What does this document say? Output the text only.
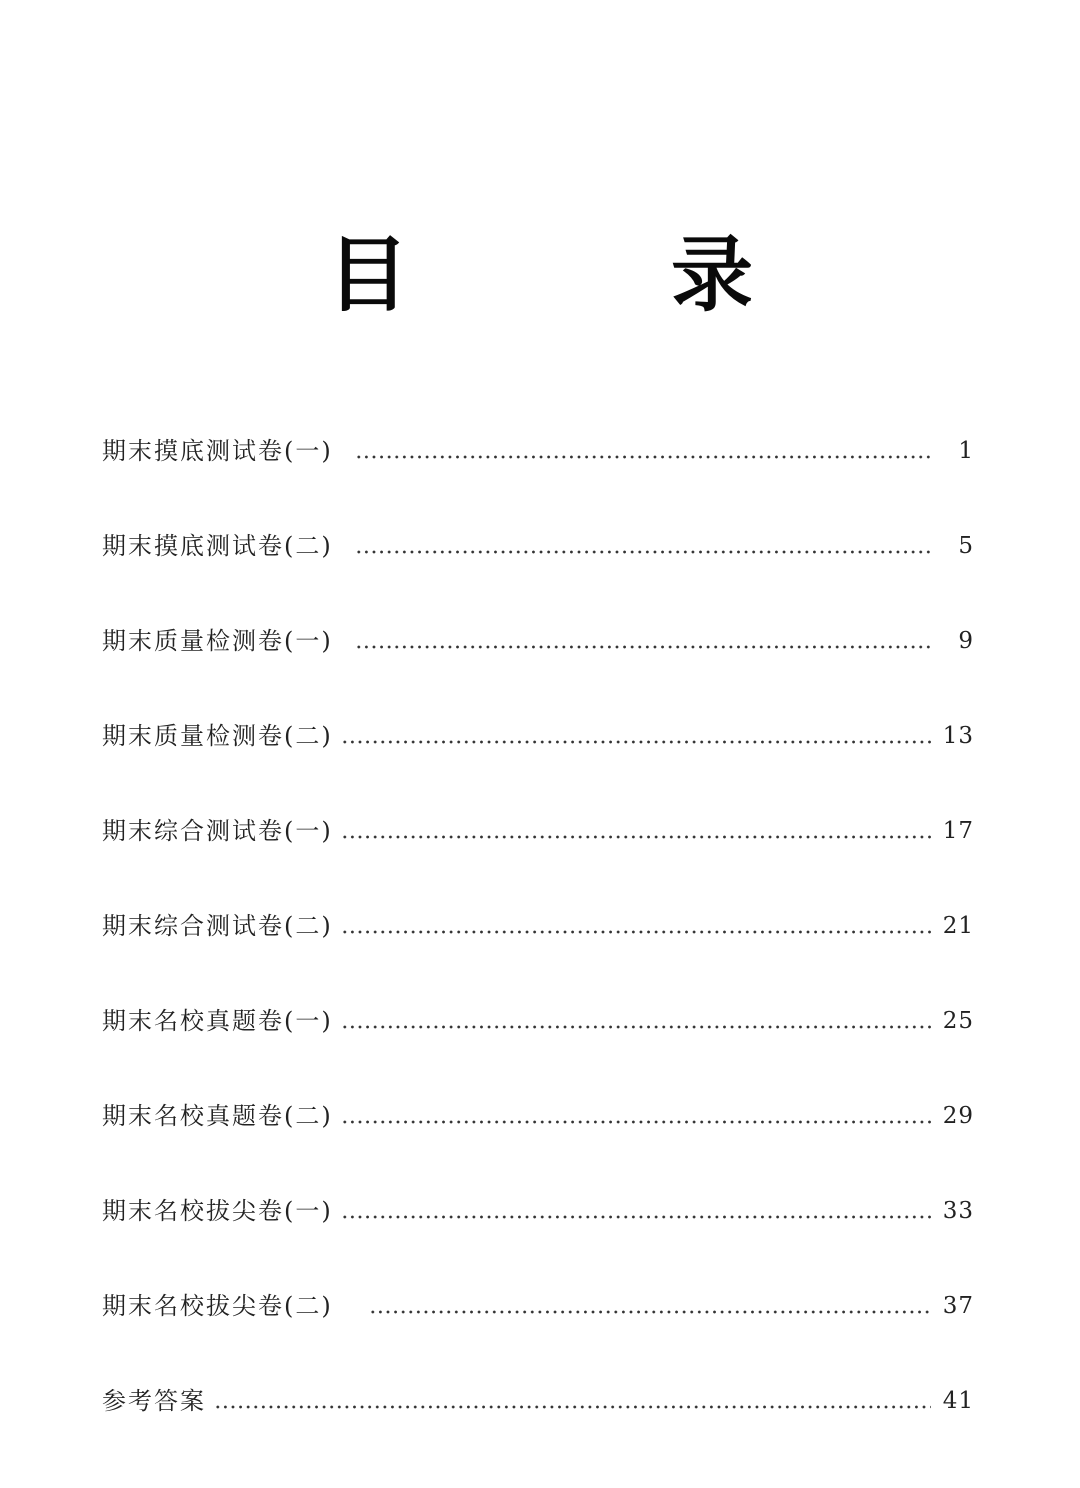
目　录
期末摸底测试卷(一)	1
期末摸底测试卷(二)	5
期末质量检测卷(一)	9
期末质量检测卷(二)	13
期末综合测试卷(一)	17
期末综合测试卷(二)	21
期末名校真题卷(一)	25
期末名校真题卷(二)	29
期末名校拔尖卷(一)	33
期末名校拔尖卷(二)	37
参考答案	41
